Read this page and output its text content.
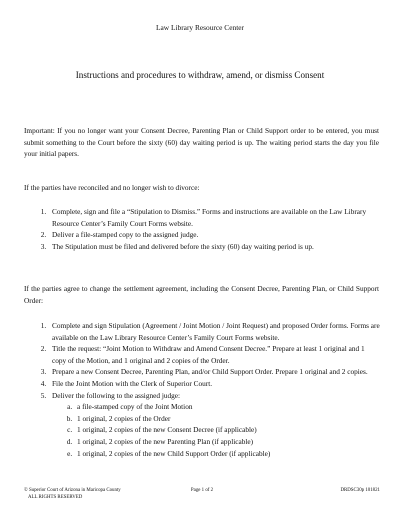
Law Library Resource Center
Instructions and procedures to withdraw, amend, or dismiss Consent

Important: If you no longer want your Consent Decree, Parenting Plan or Child Support order to be entered, you must submit something to the Court before the sixty (60) day waiting period is up. The waiting period starts the day you file your initial papers.

If the parties have reconciled and no longer wish to divorce:

1. Complete, sign and file a “Stipulation to Dismiss.” Forms and instructions are available on the Law Library Resource Center’s Family Court Forms website.
2. Deliver a file-stamped copy to the assigned judge.
3. The Stipulation must be filed and delivered before the sixty (60) day waiting period is up.

If the parties agree to change the settlement agreement, including the Consent Decree, Parenting Plan, or Child Support Order:

1. Complete and sign Stipulation (Agreement / Joint Motion / Joint Request) and proposed Order forms. Forms are available on the Law Library Resource Center’s Family Court Forms website.
2. Title the request: “Joint Motion to Withdraw and Amend Consent Decree.” Prepare at least 1 original and 1 copy of the Motion, and 1 original and 2 copies of the Order.
3. Prepare a new Consent Decree, Parenting Plan, and/or Child Support Order. Prepare 1 original and 2 copies.
4. File the Joint Motion with the Clerk of Superior Court.
5. Deliver the following to the assigned judge:
a. a file-stamped copy of the Joint Motion
b. 1 original, 2 copies of the Order
c. 1 original, 2 copies of the new Consent Decree (if applicable)
d. 1 original, 2 copies of the new Parenting Plan (if applicable)
e. 1 original, 2 copies of the new Child Support Order (if applicable)
© Superior Court of Arizona in Maricopa County
ALL RIGHTS RESERVED
Page 1 of 2	DRDSC30p 101821
